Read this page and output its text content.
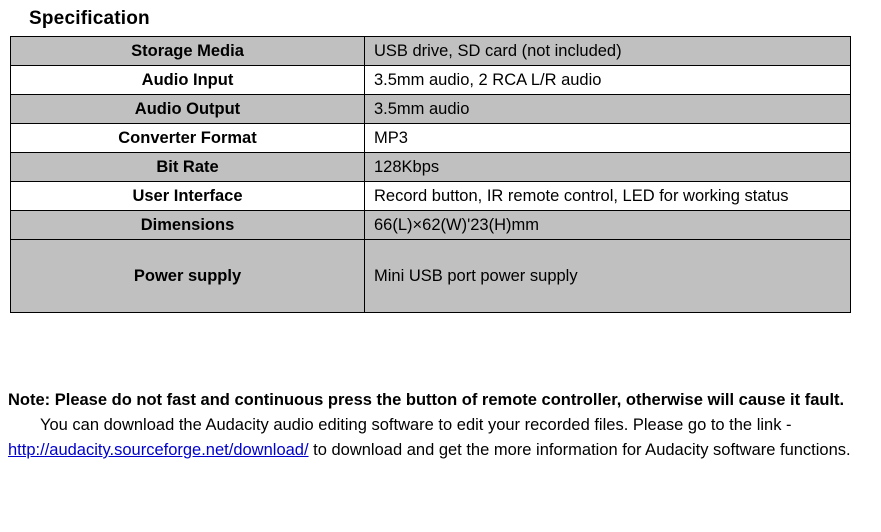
Specification
Storage Media	USB drive, SD card (not included)
Audio Input	3.5mm audio, 2 RCA L/R audio
Audio Output	3.5mm audio
Converter Format	MP3
Bit Rate	128Kbps
User Interface	Record button, IR remote control, LED for working status
Dimensions	66(L)×62(W)'23(H)mm
Power supply	Mini USB port power supply

Note: Please do not fast and continuous press the button of remote controller, otherwise will cause it fault.

You can download the Audacity audio editing software to edit your recorded files. Please go to the link - http://audacity.sourceforge.net/download/ to download and get the more information for Audacity software functions.
